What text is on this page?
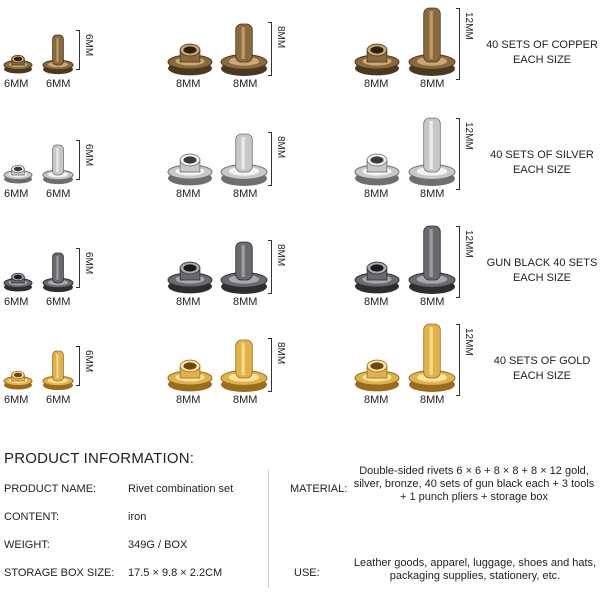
6MM 6MM	8MM	8MM	8MM	8MM
6MM	8MM	12MM
40 SETS OF COPPER
EACH SIZE
6MM 6MM	8MM	8MM	8MM	8MM
6MM	8MM	12MM
40 SETS OF SILVER
EACH SIZE
6MM 6MM	8MM	8MM	8MM	8MM
6MM	8MM	12MM
GUN BLACK 40 SETS
EACH SIZE
6MM 6MM	8MM	8MM	8MM	8MM
6MM	8MM	12MM
40 SETS OF GOLD
EACH SIZE
PRODUCT INFORMATION:
PRODUCT NAME:	Rivet combination set
CONTENT:	iron
WEIGHT:	349G / BOX
STORAGE BOX SIZE: 17.5 × 9.8 × 2.2CM
MATERIAL:
Double-sided rivets 6 × 6 + 8 × 8 + 8 × 12 gold,
silver, bronze, 40 sets of gun black each + 3 tools
+ 1 punch pliers + storage box
USE:
Leather goods, apparel, luggage, shoes and hats,
packaging supplies, stationery, etc.
